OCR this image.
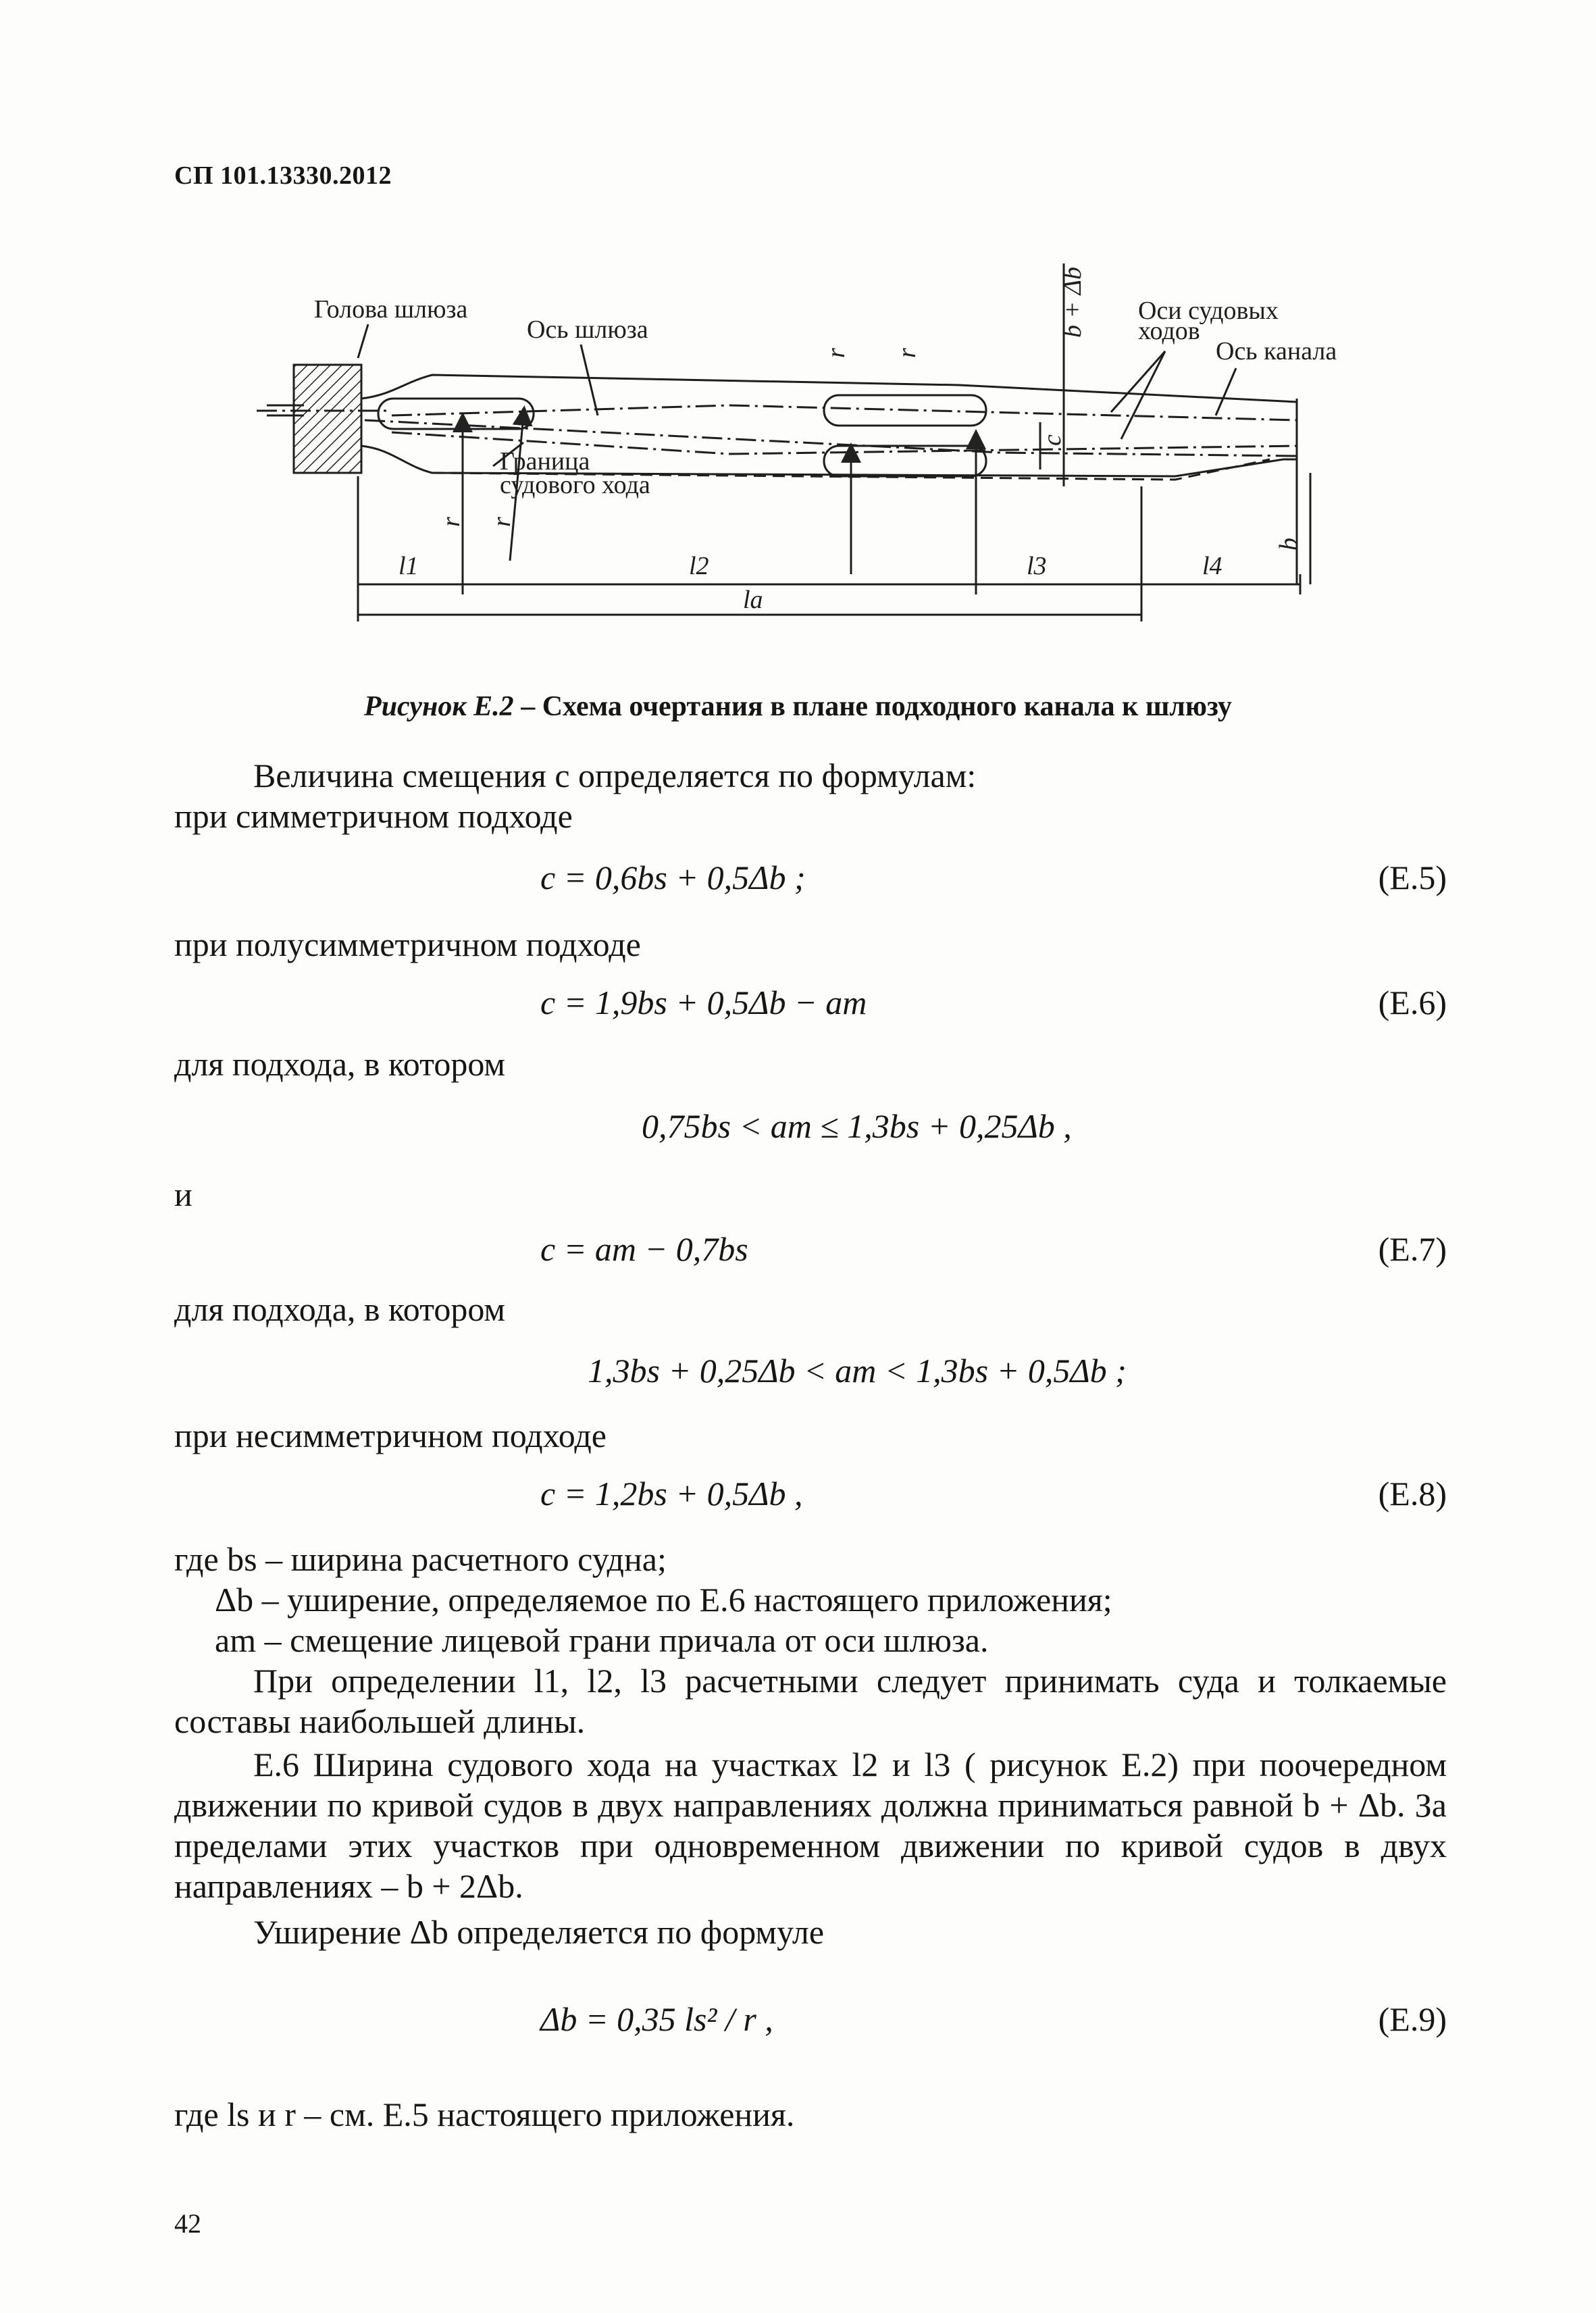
СП 101.13330.2012
Голова шлюза
Ось шлюза
Оси судовых
ходов
Ось канала
Граница
судового хода
b + Δb
c
b
r r
r r
l1	l2	l3	l4
la
Рисунок Е.2 – Схема очертания в плане подходного канала к шлюзу
Величина смещения c определяется по формулам:
при симметричном подходе
c = 0,6bs + 0,5Δb ;	(Е.5)
при полусимметричном подходе
c = 1,9bs + 0,5Δb − am	(Е.6)
для подхода, в котором
0,75bs < am ≤ 1,3bs + 0,25Δb ,
и
c = am − 0,7bs	(Е.7)
для подхода, в котором
1,3bs + 0,25Δb < am < 1,3bs + 0,5Δb ;
при несимметричном подходе
c = 1,2bs + 0,5Δb ,	(Е.8)
где bs – ширина расчетного судна;
Δb – уширение, определяемое по Е.6 настоящего приложения;
am – смещение лицевой грани причала от оси шлюза.
При определении l1, l2, l3 расчетными следует принимать суда и толкаемые
составы наибольшей длины.
Е.6 Ширина судового хода на участках l2 и l3 ( рисунок Е.2) при поочередном
движении по кривой судов в двух направлениях должна приниматься равной b + Δb. За
пределами этих участков при одновременном движении по кривой судов в двух
направлениях – b + 2Δb.
Уширение Δb определяется по формуле
Δb = 0,35 ls² / r ,	(Е.9)
где ls и r – см. Е.5 настоящего приложения.
42
